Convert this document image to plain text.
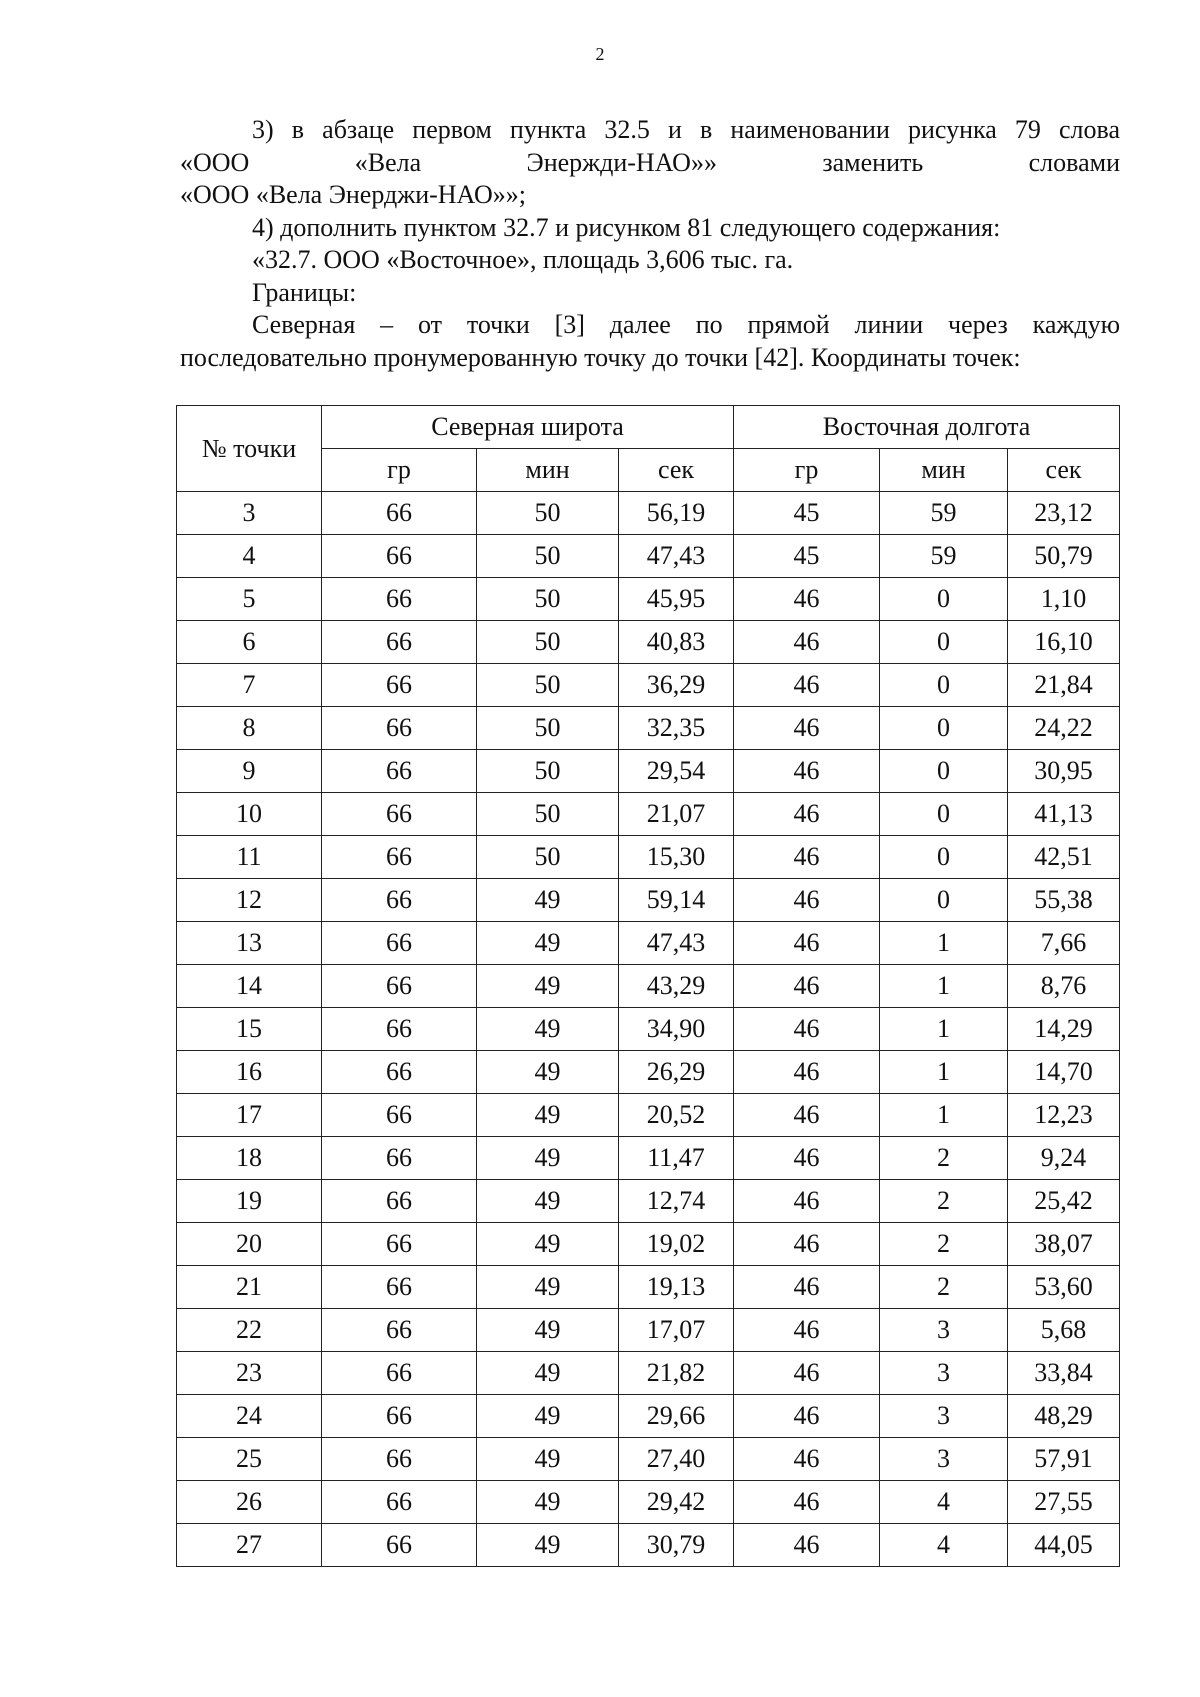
2

3) в абзаце первом пункта 32.5 и в наименовании рисунка 79 слова

«ООО «Вела Энержди-НАО»» заменить словами

«ООО «Вела Энерджи-НАО»»;

4) дополнить пунктом 32.7 и рисунком 81 следующего содержания:

«32.7. ООО «Восточное», площадь 3,606 тыс. га.

Границы:

Северная – от точки [3] далее по прямой линии через каждую последовательно пронумерованную точку до точки [42]. Координаты точек:

№ точки	Северная широта			Восточная долгота		
	гр	мин	сек	гр	мин	сек
3	66	50	56,19	45	59	23,12
4	66	50	47,43	45	59	50,79
5	66	50	45,95	46	0	1,10
6	66	50	40,83	46	0	16,10
7	66	50	36,29	46	0	21,84
8	66	50	32,35	46	0	24,22
9	66	50	29,54	46	0	30,95
10	66	50	21,07	46	0	41,13
11	66	50	15,30	46	0	42,51
12	66	49	59,14	46	0	55,38
13	66	49	47,43	46	1	7,66
14	66	49	43,29	46	1	8,76
15	66	49	34,90	46	1	14,29
16	66	49	26,29	46	1	14,70
17	66	49	20,52	46	1	12,23
18	66	49	11,47	46	2	9,24
19	66	49	12,74	46	2	25,42
20	66	49	19,02	46	2	38,07
21	66	49	19,13	46	2	53,60
22	66	49	17,07	46	3	5,68
23	66	49	21,82	46	3	33,84
24	66	49	29,66	46	3	48,29
25	66	49	27,40	46	3	57,91
26	66	49	29,42	46	4	27,55
27	66	49	30,79	46	4	44,05
